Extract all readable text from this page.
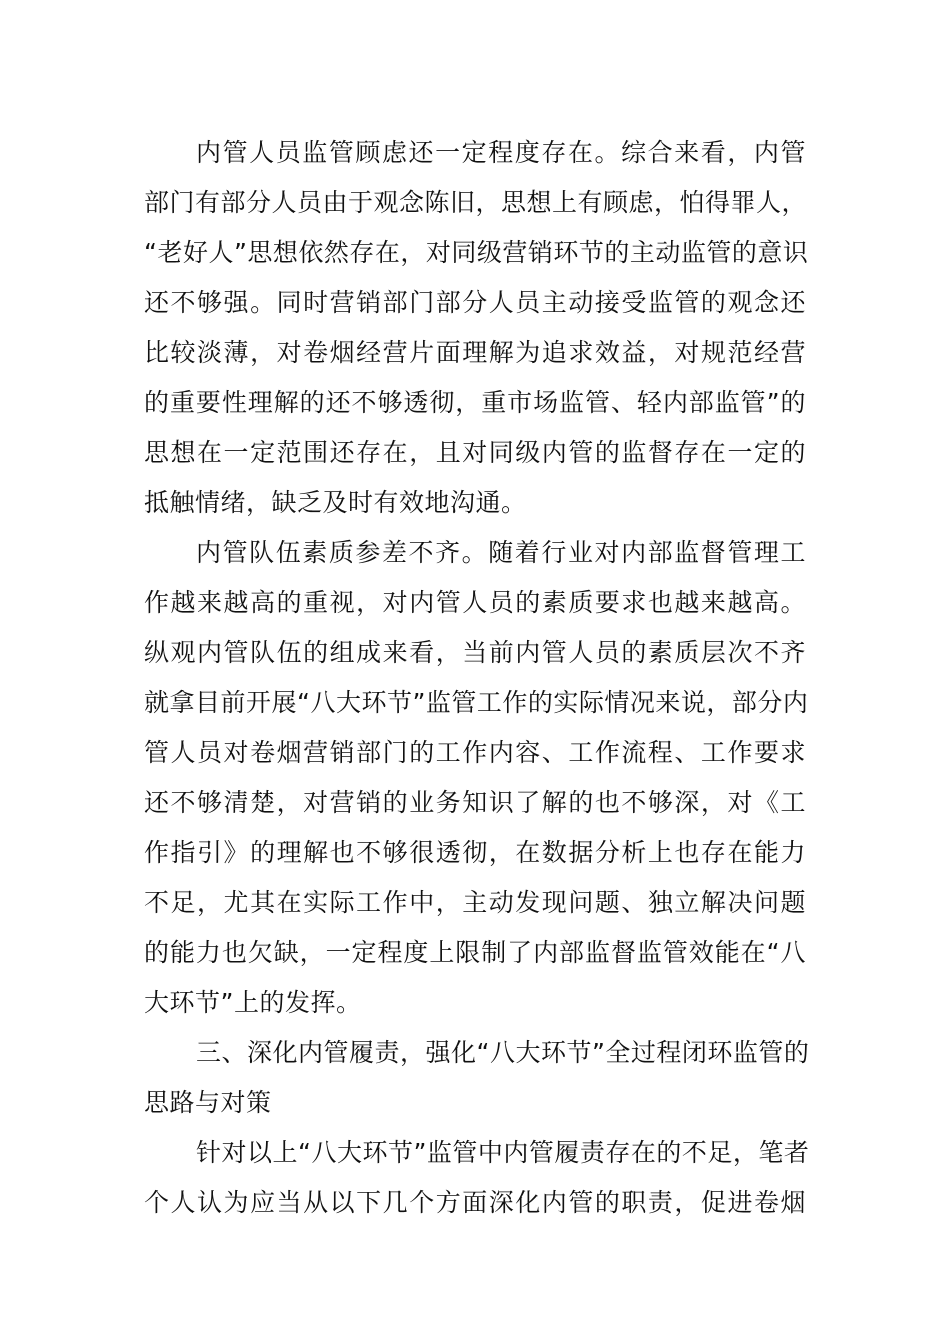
内管人员监管顾虑还一定程度存在。综合来看，内管
部门有部分人员由于观念陈旧，思想上有顾虑，怕得罪人，
“老好人”思想依然存在，对同级营销环节的主动监管的意识
还不够强。同时营销部门部分人员主动接受监管的观念还
比较淡薄，对卷烟经营片面理解为追求效益，对规范经营
的重要性理解的还不够透彻，重市场监管、轻内部监管”的
思想在一定范围还存在，且对同级内管的监督存在一定的
抵触情绪，缺乏及时有效地沟通。
内管队伍素质参差不齐。随着行业对内部监督管理工
作越来越高的重视，对内管人员的素质要求也越来越高。
纵观内管队伍的组成来看，当前内管人员的素质层次不齐
就拿目前开展“八大环节”监管工作的实际情况来说，部分内
管人员对卷烟营销部门的工作内容、工作流程、工作要求
还不够清楚，对营销的业务知识了解的也不够深，对《工
作指引》的理解也不够很透彻，在数据分析上也存在能力
不足，尤其在实际工作中，主动发现问题、独立解决问题
的能力也欠缺，一定程度上限制了内部监督监管效能在“八
大环节”上的发挥。
三、深化内管履责，强化“八大环节”全过程闭环监管的
思路与对策
针对以上“八大环节”监管中内管履责存在的不足，笔者
个人认为应当从以下几个方面深化内管的职责，促进卷烟
